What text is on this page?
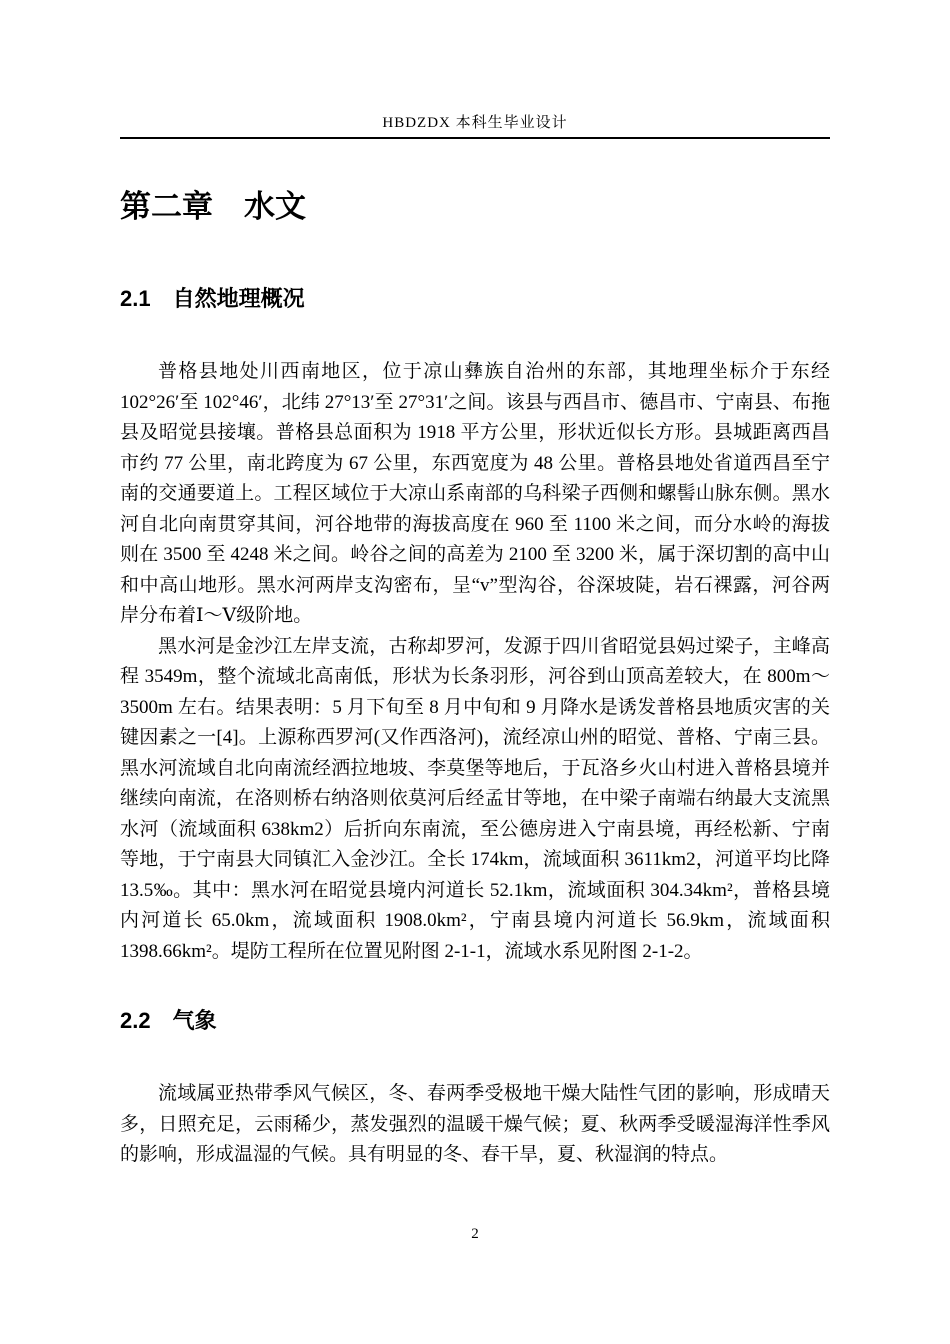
HBDZDX 本科生毕业设计
第二章　水文
2.1　自然地理概况

普格县地处川西南地区，位于凉山彝族自治州的东部，其地理坐标介于东经 102°26′至 102°46′，北纬 27°13′至 27°31′之间。该县与西昌市、德昌市、宁南县、布拖县及昭觉县接壤。普格县总面积为 1918 平方公里，形状近似长方形。县城距离西昌市约 77 公里，南北跨度为 67 公里，东西宽度为 48 公里。普格县地处省道西昌至宁南的交通要道上。工程区域位于大凉山系南部的乌科梁子西侧和螺髻山脉东侧。黑水河自北向南贯穿其间，河谷地带的海拔高度在 960 至 1100 米之间，而分水岭的海拔则在 3500 至 4248 米之间。岭谷之间的高差为 2100 至 3200 米，属于深切割的高中山和中高山地形。黑水河两岸支沟密布，呈“v”型沟谷，谷深坡陡，岩石裸露，河谷两岸分布着Ⅰ～Ⅴ级阶地。

黑水河是金沙江左岸支流，古称却罗河，发源于四川省昭觉县妈过梁子，主峰高程 3549m，整个流域北高南低，形状为长条羽形，河谷到山顶高差较大，在 800m～3500m 左右。结果表明：5 月下旬至 8 月中旬和 9 月降水是诱发普格县地质灾害的关键因素之一[4]。上源称西罗河(又作西洛河)，流经凉山州的昭觉、普格、宁南三县。黑水河流域自北向南流经洒拉地坡、李莫堡等地后，于瓦洛乡火山村进入普格县境并继续向南流，在洛则桥右纳洛则依莫河后经孟甘等地，在中梁子南端右纳最大支流黑水河（流域面积 638km2）后折向东南流，至公德房进入宁南县境，再经松新、宁南等地，于宁南县大同镇汇入金沙江。全长 174km，流域面积 3611km2，河道平均比降 13.5‰。其中：黑水河在昭觉县境内河道长 52.1km，流域面积 304.34km²，普格县境内河道长 65.0km，流域面积 1908.0km²，宁南县境内河道长 56.9km，流域面积 1398.66km²。堤防工程所在位置见附图 2-1-1，流域水系见附图 2-1-2。

2.2　气象

流域属亚热带季风气候区，冬、春两季受极地干燥大陆性气团的影响，形成晴天多，日照充足，云雨稀少，蒸发强烈的温暖干燥气候；夏、秋两季受暖湿海洋性季风的影响，形成温湿的气候。具有明显的冬、春干旱，夏、秋湿润的特点。

2
